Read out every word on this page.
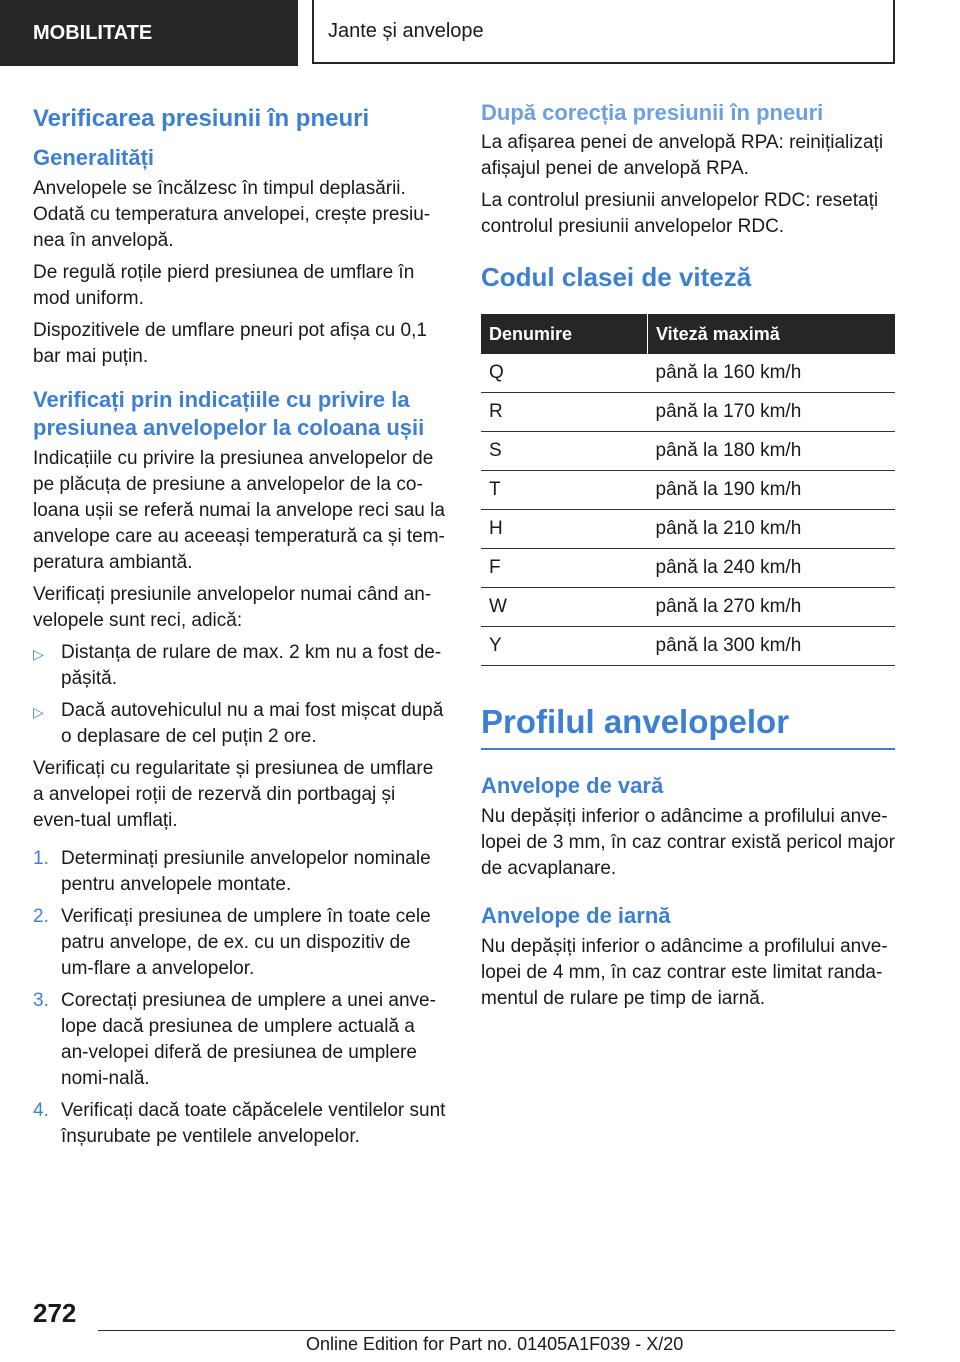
MOBILITATE	Jante și anvelope
Verificarea presiunii în pneuri
Generalități

Anvelopele se încălzesc în timpul deplasării. Odată cu temperatura anvelopei, crește presiu-nea în anvelopă.

De regulă roțile pierd presiunea de umflare în mod uniform.

Dispozitivele de umflare pneuri pot afișa cu 0,1 bar mai puțin.

Verificați prin indicațiile cu privire la presiunea anvelopelor la coloana ușii

Indicațiile cu privire la presiunea anvelopelor de pe plăcuța de presiune a anvelopelor de la co-loana ușii se referă numai la anvelope reci sau la anvelope care au aceeași temperatură ca și tem-peratura ambiantă.

Verificați presiunile anvelopelor numai când an-velopele sunt reci, adică:

▷ Distanța de rulare de max. 2 km nu a fost de-pășită.
▷ Dacă autovehiculul nu a mai fost mișcat după o deplasare de cel puțin 2 ore.

Verificați cu regularitate și presiunea de umflare a anvelopei roții de rezervă din portbagaj și even-tual umflați.

1. Determinați presiunile anvelopelor nominale pentru anvelopele montate.
2. Verificați presiunea de umplere în toate cele patru anvelope, de ex. cu un dispozitiv de um-flare a anvelopelor.
3. Corectați presiunea de umplere a unei anve-lope dacă presiunea de umplere actuală a an-velopei diferă de presiunea de umplere nomi-nală.
4. Verificați dacă toate căpăcelele ventilelor sunt înșurubate pe ventilele anvelopelor.
După corecția presiunii în pneuri

La afișarea penei de anvelopă RPA: reinițializați afișajul penei de anvelopă RPA.

La controlul presiunii anvelopelor RDC: resetați controlul presiunii anvelopelor RDC.

Codul clasei de viteză
Denumire	Viteză maximă
Q	până la 160 km/h
R	până la 170 km/h
S	până la 180 km/h
T	până la 190 km/h
H	până la 210 km/h
F	până la 240 km/h
W	până la 270 km/h
Y	până la 300 km/h
Profilul anvelopelor
Anvelope de vară

Nu depășiți inferior o adâncime a profilului anve-lopei de 3 mm, în caz contrar există pericol major de acvaplanare.

Anvelope de iarnă

Nu depășiți inferior o adâncime a profilului anve-lopei de 4 mm, în caz contrar este limitat randa-mentul de rulare pe timp de iarnă.

272
Online Edition for Part no. 01405A1F039 - X/20
